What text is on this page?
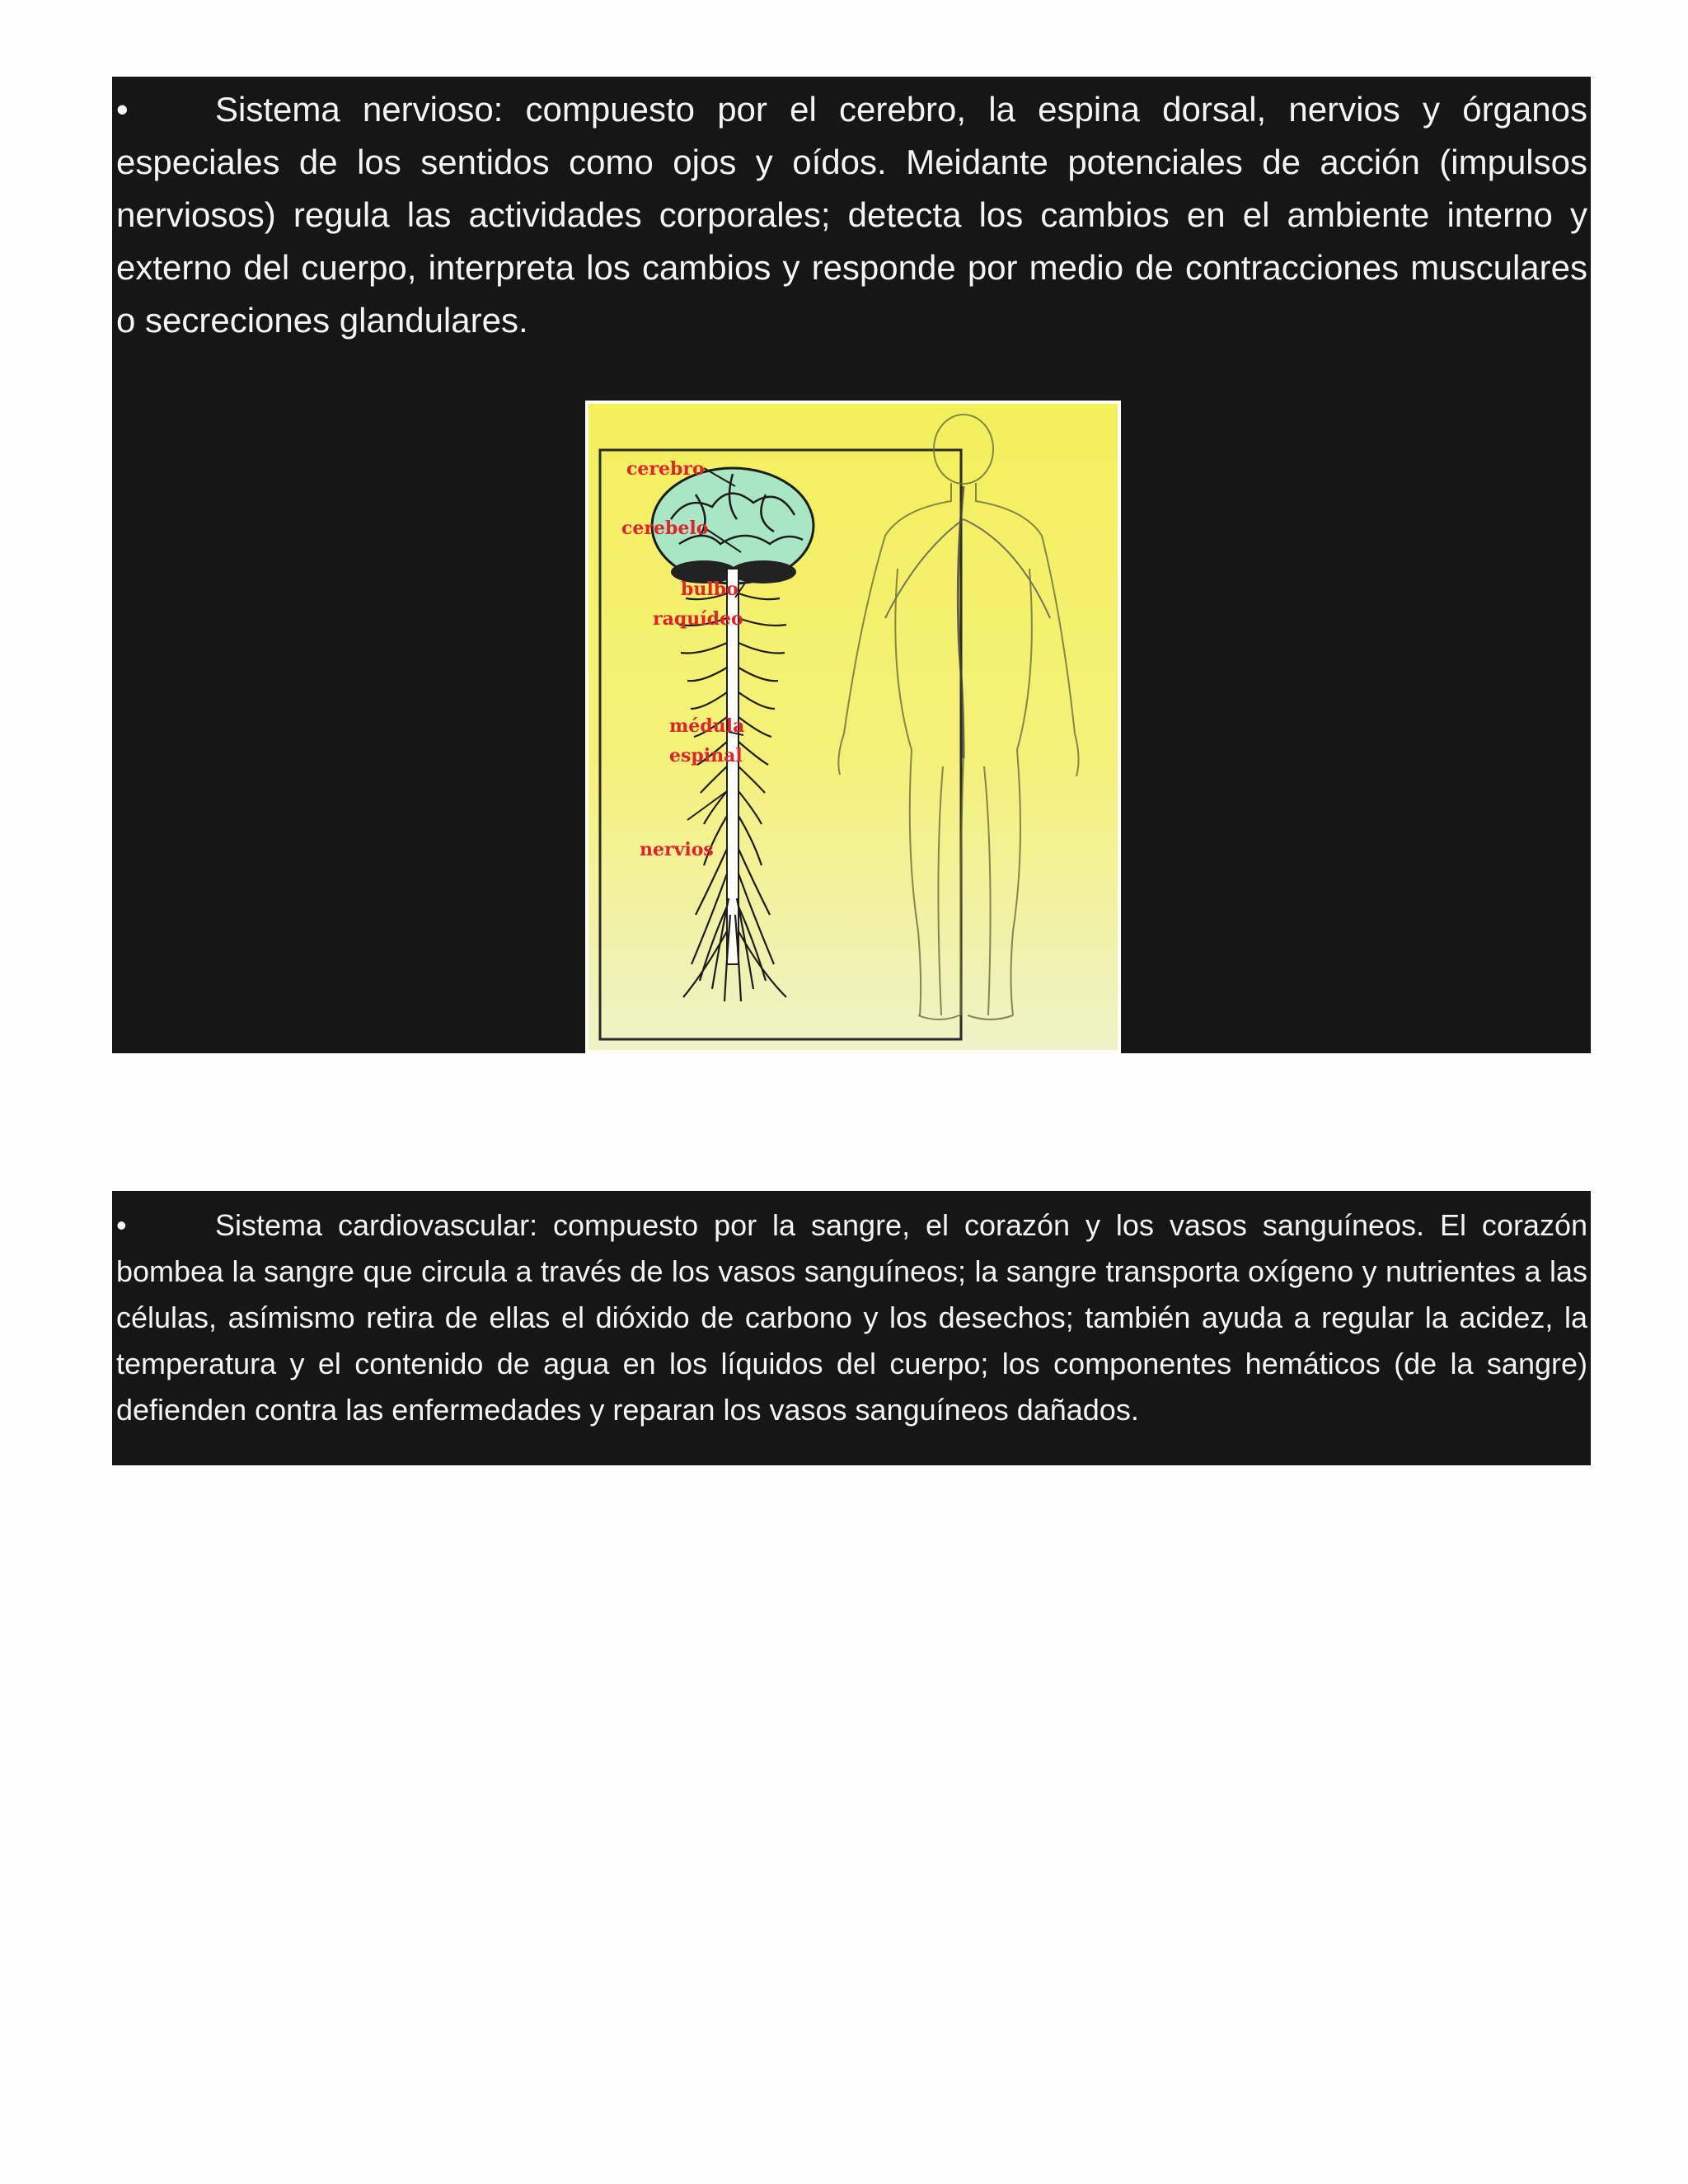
•	Sistema nervioso: compuesto por el cerebro, la espina dorsal, nervios y órganos especiales de los sentidos como ojos y oídos. Meidante potenciales de acción (impulsos nerviosos) regula las actividades corporales; detecta los cambios en el ambiente interno y externo del cuerpo, interpreta los cambios y responde por medio de contracciones musculares o secreciones glandulares.

cerebro
cerebelo
bulbo
raquídeo
médula
espinal
nervios

•	Sistema cardiovascular: compuesto por la sangre, el corazón y los vasos sanguíneos. El corazón bombea la sangre que circula a través de los vasos sanguíneos; la sangre transporta oxígeno y nutrientes a las células, asímismo retira de ellas el dióxido de carbono y los desechos; también ayuda a regular la acidez, la temperatura y el contenido de agua en los líquidos del cuerpo; los componentes hemáticos (de la sangre) defienden contra las enfermedades y reparan los vasos sanguíneos dañados.
